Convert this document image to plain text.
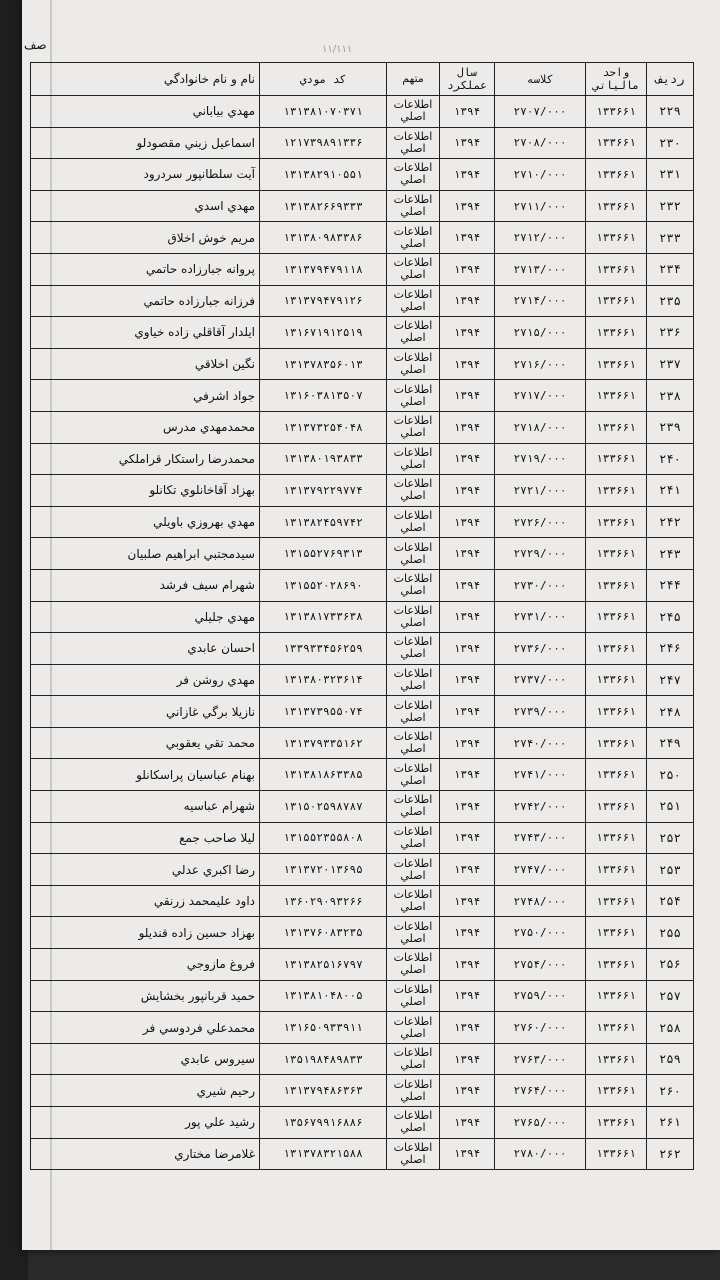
صف	۱۱/۱۱۱
رديف	واحد مالياتي	كلاسه	سال عملكرد	متهم	كد مودي	نام و نام خانوادگي
۲۲۹	۱۳۳۶۶۱	۲۷۰۷/۰۰۰	۱۳۹۴	اطلاعات اصلي	۱۳۱۳۸۱۰۷۰۳۷۱	مهدي بياباني
۲۳۰	۱۳۳۶۶۱	۲۷۰۸/۰۰۰	۱۳۹۴	اطلاعات اصلي	۱۲۱۷۳۹۸۹۱۳۳۶	اسماعيل زيني مقصودلو
۲۳۱	۱۳۳۶۶۱	۲۷۱۰/۰۰۰	۱۳۹۴	اطلاعات اصلي	۱۳۱۳۸۲۹۱۰۵۵۱	آيت سلطانپور سردرود
۲۳۲	۱۳۳۶۶۱	۲۷۱۱/۰۰۰	۱۳۹۴	اطلاعات اصلي	۱۳۱۳۸۲۶۶۹۳۳۳	مهدي اسدي
۲۳۳	۱۳۳۶۶۱	۲۷۱۲/۰۰۰	۱۳۹۴	اطلاعات اصلي	۱۳۱۳۸۰۹۸۳۳۸۶	مريم خوش اخلاق
۲۳۴	۱۳۳۶۶۱	۲۷۱۳/۰۰۰	۱۳۹۴	اطلاعات اصلي	۱۳۱۳۷۹۴۷۹۱۱۸	پروانه جبارزاده حاتمي
۲۳۵	۱۳۳۶۶۱	۲۷۱۴/۰۰۰	۱۳۹۴	اطلاعات اصلي	۱۳۱۳۷۹۴۷۹۱۲۶	فرزانه جبارزاده حاتمي
۲۳۶	۱۳۳۶۶۱	۲۷۱۵/۰۰۰	۱۳۹۴	اطلاعات اصلي	۱۳۱۶۷۱۹۱۲۵۱۹	ايلدار آقاقلي زاده خياوي
۲۳۷	۱۳۳۶۶۱	۲۷۱۶/۰۰۰	۱۳۹۴	اطلاعات اصلي	۱۳۱۳۷۸۳۵۶۰۱۳	نگين اخلاقي
۲۳۸	۱۳۳۶۶۱	۲۷۱۷/۰۰۰	۱۳۹۴	اطلاعات اصلي	۱۳۱۶۰۳۸۱۳۵۰۷	جواد اشرفي
۲۳۹	۱۳۳۶۶۱	۲۷۱۸/۰۰۰	۱۳۹۴	اطلاعات اصلي	۱۳۱۳۷۳۲۵۴۰۴۸	محمدمهدي مدرس
۲۴۰	۱۳۳۶۶۱	۲۷۱۹/۰۰۰	۱۳۹۴	اطلاعات اصلي	۱۳۱۳۸۰۱۹۳۸۳۳	محمدرضا راستكار قراملكي
۲۴۱	۱۳۳۶۶۱	۲۷۲۱/۰۰۰	۱۳۹۴	اطلاعات اصلي	۱۳۱۳۷۹۲۲۹۷۷۴	بهزاد آقاخانلوي تكانلو
۲۴۲	۱۳۳۶۶۱	۲۷۲۶/۰۰۰	۱۳۹۴	اطلاعات اصلي	۱۳۱۳۸۲۴۵۹۷۴۲	مهدي بهروزي باويلي
۲۴۳	۱۳۳۶۶۱	۲۷۲۹/۰۰۰	۱۳۹۴	اطلاعات اصلي	۱۳۱۵۵۲۷۶۹۳۱۳	سيدمجتبي ابراهيم صلبيان
۲۴۴	۱۳۳۶۶۱	۲۷۳۰/۰۰۰	۱۳۹۴	اطلاعات اصلي	۱۳۱۵۵۲۰۲۸۶۹۰	شهرام سيف فرشد
۲۴۵	۱۳۳۶۶۱	۲۷۳۱/۰۰۰	۱۳۹۴	اطلاعات اصلي	۱۳۱۳۸۱۷۳۳۶۳۸	مهدي جليلي
۲۴۶	۱۳۳۶۶۱	۲۷۳۶/۰۰۰	۱۳۹۴	اطلاعات اصلي	۱۳۳۹۳۳۴۵۶۲۵۹	احسان عابدي
۲۴۷	۱۳۳۶۶۱	۲۷۳۷/۰۰۰	۱۳۹۴	اطلاعات اصلي	۱۳۱۳۸۰۳۲۳۶۱۴	مهدي روشن فر
۲۴۸	۱۳۳۶۶۱	۲۷۳۹/۰۰۰	۱۳۹۴	اطلاعات اصلي	۱۳۱۳۷۳۹۵۵۰۷۴	نازيلا برگي غازاني
۲۴۹	۱۳۳۶۶۱	۲۷۴۰/۰۰۰	۱۳۹۴	اطلاعات اصلي	۱۳۱۳۷۹۳۳۵۱۶۲	محمد تقي يعقوبي
۲۵۰	۱۳۳۶۶۱	۲۷۴۱/۰۰۰	۱۳۹۴	اطلاعات اصلي	۱۳۱۳۸۱۸۶۳۳۸۵	بهنام عباسيان پراسكانلو
۲۵۱	۱۳۳۶۶۱	۲۷۴۲/۰۰۰	۱۳۹۴	اطلاعات اصلي	۱۳۱۵۰۲۵۹۸۷۸۷	شهرام عباسيه
۲۵۲	۱۳۳۶۶۱	۲۷۴۳/۰۰۰	۱۳۹۴	اطلاعات اصلي	۱۳۱۵۵۲۳۵۵۸۰۸	ليلا صاحب جمع
۲۵۳	۱۳۳۶۶۱	۲۷۴۷/۰۰۰	۱۳۹۴	اطلاعات اصلي	۱۳۱۳۷۲۰۱۳۶۹۵	رضا اكبري عدلي
۲۵۴	۱۳۳۶۶۱	۲۷۴۸/۰۰۰	۱۳۹۴	اطلاعات اصلي	۱۳۶۰۲۹۰۹۳۲۶۶	داود عليمحمد زرنقي
۲۵۵	۱۳۳۶۶۱	۲۷۵۰/۰۰۰	۱۳۹۴	اطلاعات اصلي	۱۳۱۳۷۶۰۸۳۲۳۵	بهزاد حسين زاده قنديلو
۲۵۶	۱۳۳۶۶۱	۲۷۵۴/۰۰۰	۱۳۹۴	اطلاعات اصلي	۱۳۱۳۸۲۵۱۶۷۹۷	فروغ مازوجي
۲۵۷	۱۳۳۶۶۱	۲۷۵۹/۰۰۰	۱۳۹۴	اطلاعات اصلي	۱۳۱۳۸۱۰۴۸۰۰۵	حميد قربانپور بخشايش
۲۵۸	۱۳۳۶۶۱	۲۷۶۰/۰۰۰	۱۳۹۴	اطلاعات اصلي	۱۳۱۶۵۰۹۳۳۹۱۱	محمدعلي فردوسي فر
۲۵۹	۱۳۳۶۶۱	۲۷۶۳/۰۰۰	۱۳۹۴	اطلاعات اصلي	۱۳۵۱۹۸۴۸۹۸۳۳	سيروس عابدي
۲۶۰	۱۳۳۶۶۱	۲۷۶۴/۰۰۰	۱۳۹۴	اطلاعات اصلي	۱۳۱۳۷۹۴۸۶۳۶۳	رحيم شيري
۲۶۱	۱۳۳۶۶۱	۲۷۶۵/۰۰۰	۱۳۹۴	اطلاعات اصلي	۱۳۵۶۷۹۹۱۶۸۸۶	رشيد علي پور
۲۶۲	۱۳۳۶۶۱	۲۷۸۰/۰۰۰	۱۳۹۴	اطلاعات اصلي	۱۳۱۳۷۸۳۲۱۵۸۸	غلامرضا مختاري
